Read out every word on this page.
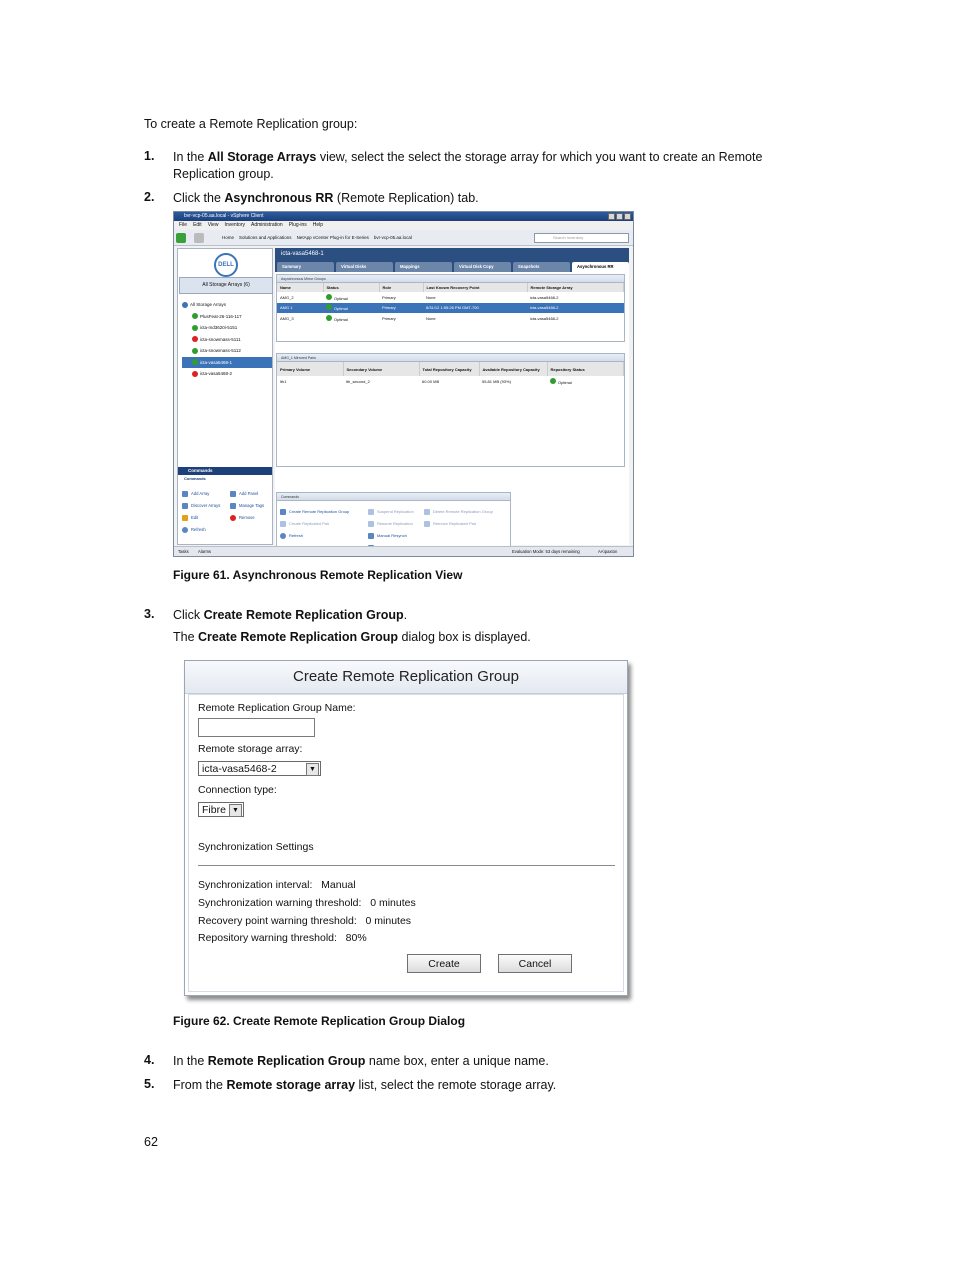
To create a Remote Replication group:
1. In the All Storage Arrays view, select the select the storage array for which you want to create an Remote
Replication group.
2. Click the Asynchronous RR (Remote Replication) tab.
bvr-vcp-05.aa.local - vSphere Client
File Edit View Inventory Administration Plug-ins Help
Home Solutions and Applications NetApp vCenter Plug-in for E-Series bvr-vcp-05.aa.local	Search Inventory
DELL
All Storage Arrays (6)
All Storage Arrays
PlusFeat-26-116-117
icta-md3620i-5151
icta-snowmass-5111
icta-snowmass-5112
icta-vasa5468-1
icta-vasa5468-2
Commands
Commands
Add Array	Add Panel
Discover Arrays	Manage Tags
Edit	Remove
Refresh
icta-vasa5468-1
Summary	Virtual Disks	Mappings	Virtual Disk Copy	Snapshots	Asynchronous RR
Asynchronous Mirror Groups
Name	Status	Role	Last Known Recovery Point	Remote Storage Array
AMG_2	Optimal	Primary	None	icta-vasa5468-2
AMG 1	Optimal	Primary	8/31/12 1:55:26 PM GMT-700	icta-vasa5468-2
AMG_3	Optimal	Primary	None	icta-vasa5468-2
AMG_1 Mirrored Pairs
Primary Volume	Secondary Volume	Total Repository Capacity	Available Repository Capacity	Repository Status
lth1	lth_second_2	60.00 MB	55.81 MB (93%)	Optimal
Commands
Create Remote Replication Group	Suspend Replication	Delete Remote Replication Group
Create Replicated Pair	Resume Replication	Remove Replicated Pair
Refresh	Manual Resynch
Tasks Alarms	Evaluation Mode: 53 days remaining	AA\paxton
Figure 61. Asynchronous Remote Replication View
3. Click Create Remote Replication Group.
The Create Remote Replication Group dialog box is displayed.
Create Remote Replication Group
Remote Replication Group Name:
Remote storage array:
icta-vasa5468-2	▼
Connection type:
Fibre ▼
Synchronization Settings
Synchronization interval: Manual
Synchronization warning threshold: 0 minutes
Recovery point warning threshold: 0 minutes
Repository warning threshold: 80%
Create	Cancel
Figure 62. Create Remote Replication Group Dialog
4. In the Remote Replication Group name box, enter a unique name.
5. From the Remote storage array list, select the remote storage array.
62
